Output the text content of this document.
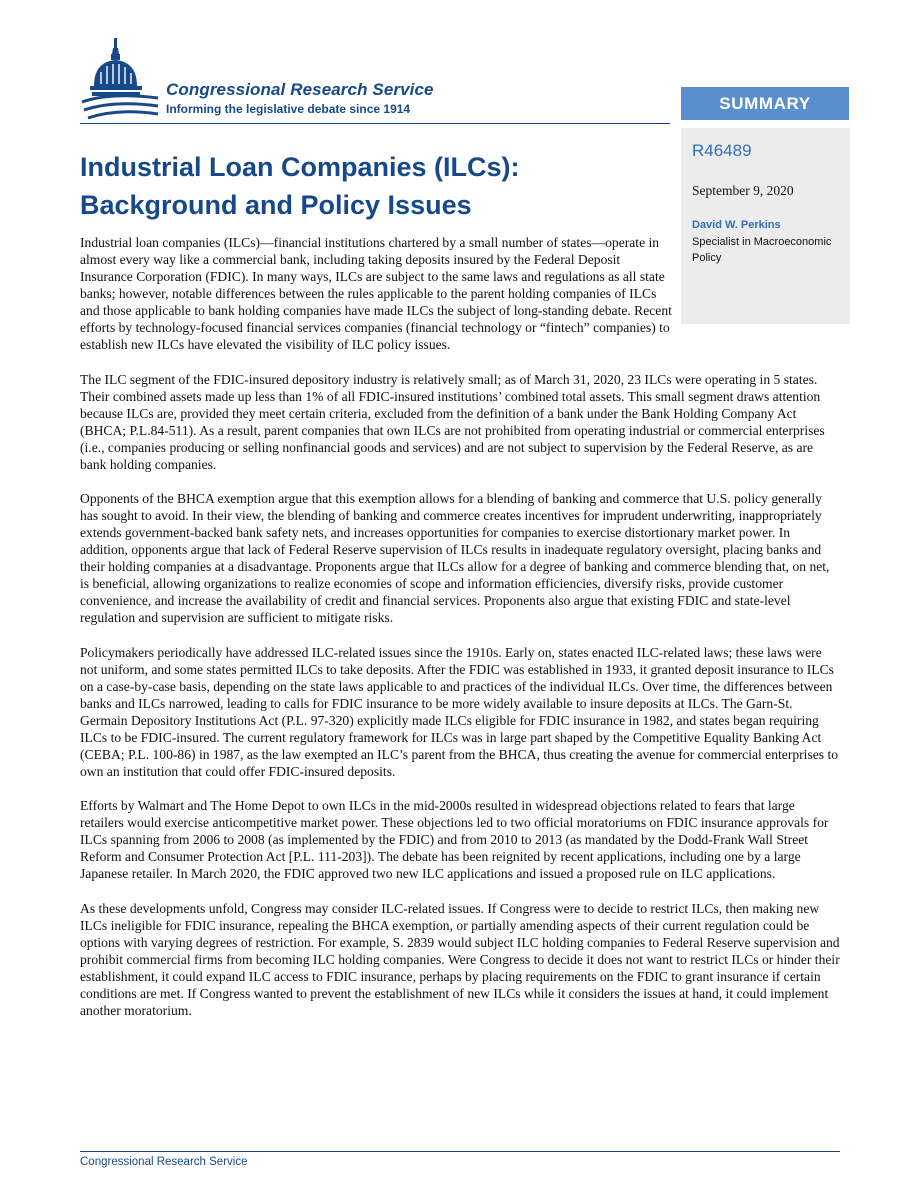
Congressional Research Service
Informing the legislative debate since 1914	SUMMARY
R46489
September 9, 2020
David W. Perkins
Specialist in Macroeconomic Policy
Industrial Loan Companies (ILCs): Background and Policy Issues

Industrial loan companies (ILCs)—financial institutions chartered by a small number of states—operate in almost every way like a commercial bank, including taking deposits insured by the Federal Deposit Insurance Corporation (FDIC). In many ways, ILCs are subject to the same laws and regulations as all state banks; however, notable differences between the rules applicable to the parent holding companies of ILCs and those applicable to bank holding companies have made ILCs the subject of long-standing debate. Recent efforts by technology-focused financial services companies (financial technology or “fintech” companies) to establish new ILCs have elevated the visibility of ILC policy issues.

The ILC segment of the FDIC-insured depository industry is relatively small; as of March 31, 2020, 23 ILCs were operating in 5 states. Their combined assets made up less than 1% of all FDIC-insured institutions’ combined total assets. This small segment draws attention because ILCs are, provided they meet certain criteria, excluded from the definition of a bank under the Bank Holding Company Act (BHCA; P.L.84-511). As a result, parent companies that own ILCs are not prohibited from operating industrial or commercial enterprises (i.e., companies producing or selling nonfinancial goods and services) and are not subject to supervision by the Federal Reserve, as are bank holding companies.

Opponents of the BHCA exemption argue that this exemption allows for a blending of banking and commerce that U.S. policy generally has sought to avoid. In their view, the blending of banking and commerce creates incentives for imprudent underwriting, inappropriately extends government-backed bank safety nets, and increases opportunities for companies to exercise distortionary market power. In addition, opponents argue that lack of Federal Reserve supervision of ILCs results in inadequate regulatory oversight, placing banks and their holding companies at a disadvantage. Proponents argue that ILCs allow for a degree of banking and commerce blending that, on net, is beneficial, allowing organizations to realize economies of scope and information efficiencies, diversify risks, provide customer convenience, and increase the availability of credit and financial services. Proponents also argue that existing FDIC and state-level regulation and supervision are sufficient to mitigate risks.

Policymakers periodically have addressed ILC-related issues since the 1910s. Early on, states enacted ILC-related laws; these laws were not uniform, and some states permitted ILCs to take deposits. After the FDIC was established in 1933, it granted deposit insurance to ILCs on a case-by-case basis, depending on the state laws applicable to and practices of the individual ILCs. Over time, the differences between banks and ILCs narrowed, leading to calls for FDIC insurance to be more widely available to insure deposits at ILCs. The Garn-St. Germain Depository Institutions Act (P.L. 97-320) explicitly made ILCs eligible for FDIC insurance in 1982, and states began requiring ILCs to be FDIC-insured. The current regulatory framework for ILCs was in large part shaped by the Competitive Equality Banking Act (CEBA; P.L. 100-86) in 1987, as the law exempted an ILC’s parent from the BHCA, thus creating the avenue for commercial enterprises to own an institution that could offer FDIC-insured deposits.

Efforts by Walmart and The Home Depot to own ILCs in the mid-2000s resulted in widespread objections related to fears that large retailers would exercise anticompetitive market power. These objections led to two official moratoriums on FDIC insurance approvals for ILCs spanning from 2006 to 2008 (as implemented by the FDIC) and from 2010 to 2013 (as mandated by the Dodd-Frank Wall Street Reform and Consumer Protection Act [P.L. 111-203]). The debate has been reignited by recent applications, including one by a large Japanese retailer. In March 2020, the FDIC approved two new ILC applications and issued a proposed rule on ILC applications.

As these developments unfold, Congress may consider ILC-related issues. If Congress were to decide to restrict ILCs, then making new ILCs ineligible for FDIC insurance, repealing the BHCA exemption, or partially amending aspects of their current regulation could be options with varying degrees of restriction. For example, S. 2839 would subject ILC holding companies to Federal Reserve supervision and prohibit commercial firms from becoming ILC holding companies. Were Congress to decide it does not want to restrict ILCs or hinder their establishment, it could expand ILC access to FDIC insurance, perhaps by placing requirements on the FDIC to grant insurance if certain conditions are met. If Congress wanted to prevent the establishment of new ILCs while it considers the issues at hand, it could implement another moratorium.

Congressional Research Service
